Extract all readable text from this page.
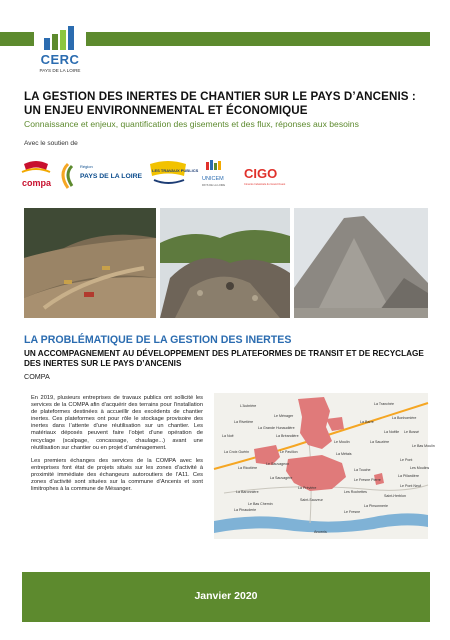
CERC
PAYS DE LA LOIRE
LA GESTION DES INERTES DE CHANTIER SUR LE PAYS D’ANCENIS : UN ENJEU ENVIRONNEMENTAL ET ÉCONOMIQUE
Connaissance et enjeux, quantification des gisements et des flux, réponses aux besoins
Avec le soutien de
compa
Région
PAYS DE LA LOIRE
LES TRAVAUX PUBLICS
UNICEM
PAYS DE LA LOIRE
CIGO
Ciments Industriels du Grand Ouest
LA PROBLÉMATIQUE DE LA GESTION DES INERTES
UN ACCOMPAGNEMENT AU DÉVELOPPEMENT DES PLATEFORMES DE TRANSIT ET DE RECYCLAGE DES INERTES SUR LE PAYS D’ANCENIS
COMPA

En 2019, plusieurs entreprises de travaux publics ont sollicité les services de la COMPA afin d’acquérir des terrains pour l’installation de plateformes destinées à accueillir des excédents de chantier inertes. Ces plateformes ont pour rôle le stockage provisoire des inertes dans l’attente d’une réutilisation sur un chantier. Les matériaux déposés peuvent faire l’objet d’une opération de recyclage (scalpage, concassage, chaulage...) avant une réutilisation sur chantier ou en projet d’aménagement.

Les premiers échanges des services de la COMPA avec les entreprises font état de projets situés sur les zones d’activité à proximité immédiate des échangeurs autoroutiers de l’A11. Ces zones d’activité sont situées sur la commune d’Ancenis et sont limitrophes à la commune de Mésanger.

L'Aubrière	La Tranchée
La Rivetière
La Bonhomière
La Noë
La Barre
La Bréandière
La Grande Hunaudière
Le Moulin
Le Pavillon
La Sauzière
Le Bas Moulin
La Croix Guérin	La Métais
Le Pont
Le Sauvageon
La Prévière
Les Moulins
La Sauvagère
La Baronnière
La Touche
Le Bas Chemin
La Pillardière
Le Pont Neuf
Les Rochettes
Saint-Sauveur
Saint-Herblon
La Pinauderie
Ancenis
La Pinsonnerie
Le Fresne
La Noëlle Le Bossé
Le Ménager
La Ricotière
Le Fresne Pierre
Janvier 2020
